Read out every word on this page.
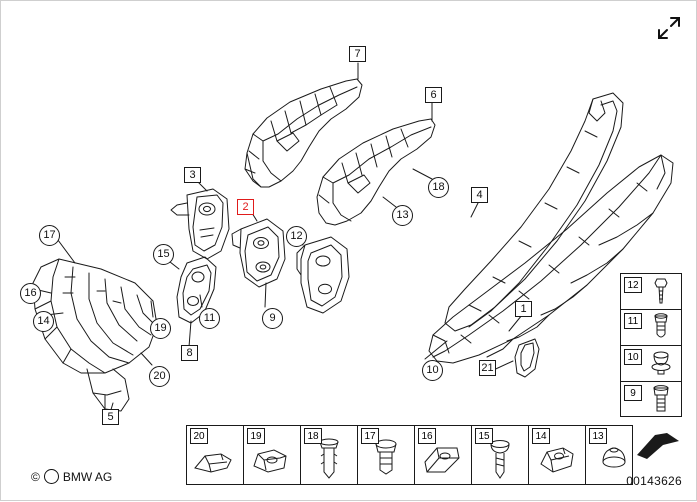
7
6
3
2
4
18
13
12
17
15
16
14
19
11	9
8
1
20	10	21
5
12
11
10
9
20	19	18	17	16	15	14	13
© BMW AG	00143626
